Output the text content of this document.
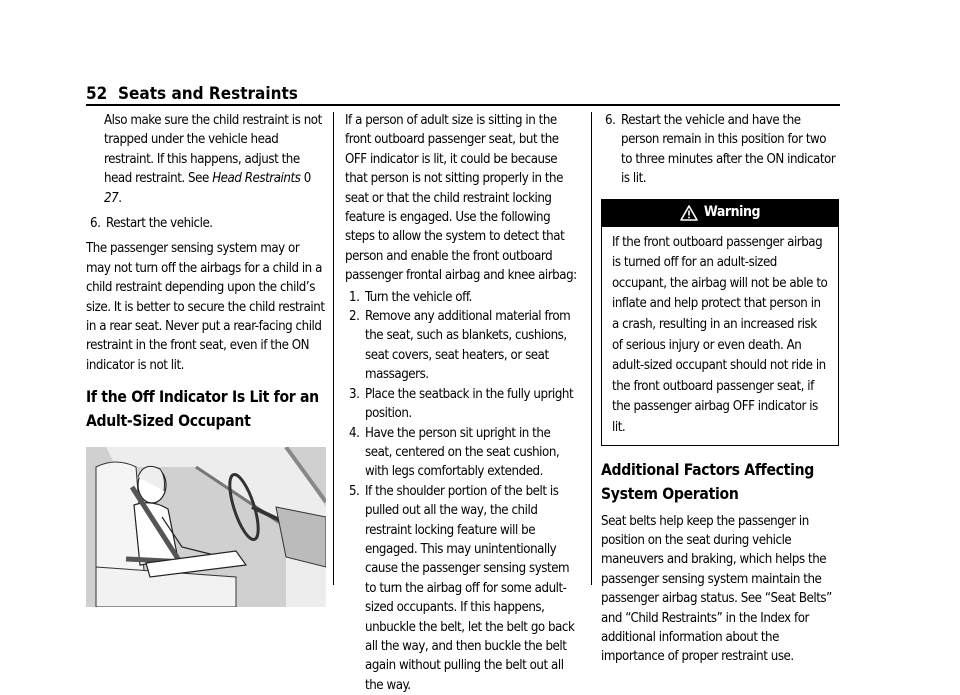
52 Seats and Restraints

Also make sure the child restraint is not trapped under the vehicle head restraint. If this happens, adjust the head restraint. See Head Restraints 0 27.

6. Restart the vehicle.

The passenger sensing system may or may not turn off the airbags for a child in a child restraint depending upon the child’s size. It is better to secure the child restraint in a rear seat. Never put a rear-facing child restraint in the front seat, even if the ON indicator is not lit.

If the Off Indicator Is Lit for an Adult-Sized Occupant

If a person of adult size is sitting in the front outboard passenger seat, but the OFF indicator is lit, it could be because that person is not sitting properly in the seat or that the child restraint locking feature is engaged. Use the following steps to allow the system to detect that person and enable the front outboard passenger frontal airbag and knee airbag:

1. Turn the vehicle off.

2. Remove any additional material from the seat, such as blankets, cushions, seat covers, seat heaters, or seat massagers.

3. Place the seatback in the fully upright position.

4. Have the person sit upright in the seat, centered on the seat cushion, with legs comfortably extended.

5. If the shoulder portion of the belt is pulled out all the way, the child restraint locking feature will be engaged. This may unintentionally cause the passenger sensing system to turn the airbag off for some adult-sized occupants. If this happens, unbuckle the belt, let the belt go back all the way, and then buckle the belt again without pulling the belt out all the way.

6. Restart the vehicle and have the person remain in this position for two to three minutes after the ON indicator is lit.

Warning
If the front outboard passenger airbag is turned off for an adult-sized occupant, the airbag will not be able to inflate and help protect that person in a crash, resulting in an increased risk of serious injury or even death. An adult-sized occupant should not ride in the front outboard passenger seat, if the passenger airbag OFF indicator is lit.

Additional Factors Affecting System Operation

Seat belts help keep the passenger in position on the seat during vehicle maneuvers and braking, which helps the passenger sensing system maintain the passenger airbag status. See “Seat Belts” and “Child Restraints” in the Index for additional information about the importance of proper restraint use.
